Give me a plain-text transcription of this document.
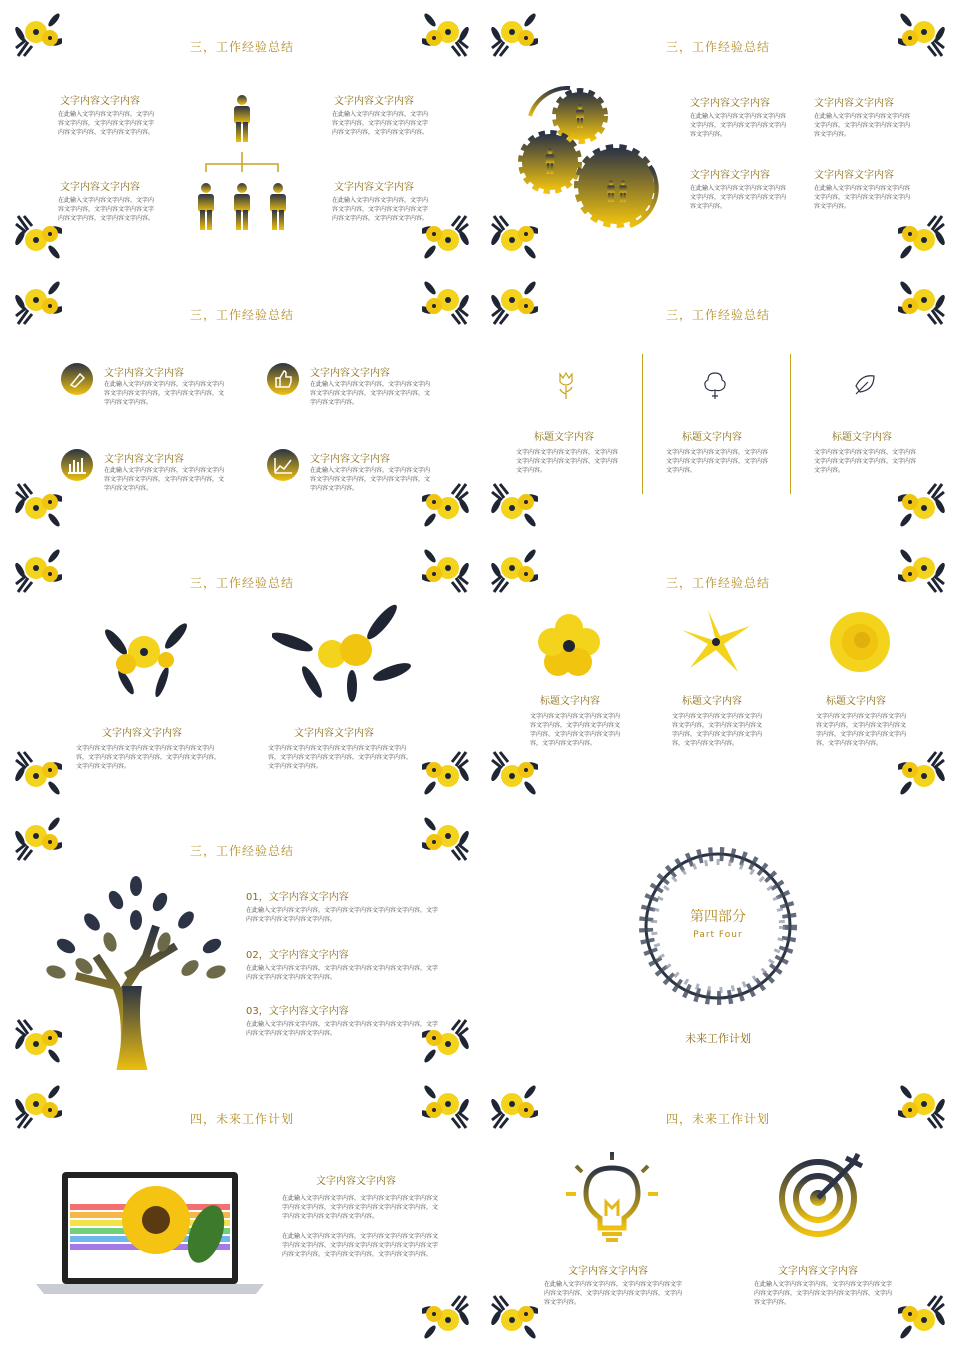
三，工作经验总结
文字内容文字内容
在此输入文字内容文字内容，文字内容文字内容，文字内容文字内容文字内容文字内容，文字内容文字内容。
文字内容文字内容
在此输入文字内容文字内容，文字内容文字内容，文字内容文字内容文字内容文字内容，文字内容文字内容。
文字内容文字内容
在此输入文字内容文字内容，文字内容文字内容，文字内容文字内容文字内容文字内容，文字内容文字内容。
文字内容文字内容
在此输入文字内容文字内容，文字内容文字内容，文字内容文字内容文字内容文字内容，文字内容文字内容。
三，工作经验总结
文字内容文字内容
在此输入文字内容文字内容文字内容文字内容，文字内容文字内容文字内容文字内容。
文字内容文字内容
在此输入文字内容文字内容文字内容文字内容，文字内容文字内容文字内容文字内容。
文字内容文字内容
在此输入文字内容文字内容文字内容文字内容，文字内容文字内容文字内容文字内容。
文字内容文字内容
在此输入文字内容文字内容文字内容文字内容，文字内容文字内容文字内容文字内容。
三，工作经验总结
文字内容文字内容
在此输入文字内容文字内容，文字内容文字内容文字内容文字内容，文字内容文字内容，文字内容文字内容。
文字内容文字内容
在此输入文字内容文字内容，文字内容文字内容文字内容文字内容，文字内容文字内容，文字内容文字内容。
文字内容文字内容
在此输入文字内容文字内容，文字内容文字内容文字内容文字内容，文字内容文字内容，文字内容文字内容。
文字内容文字内容
在此输入文字内容文字内容，文字内容文字内容文字内容文字内容，文字内容文字内容，文字内容文字内容。
三，工作经验总结
标题文字内容
文字内容文字内容文字内容，文字内容文字内容文字内容文字内容，文字内容文字内容。
标题文字内容
文字内容文字内容文字内容，文字内容文字内容文字内容文字内容，文字内容文字内容。
标题文字内容
文字内容文字内容文字内容，文字内容文字内容文字内容文字内容，文字内容文字内容。
三，工作经验总结
文字内容文字内容
文字内容文字内容文字内容文字内容文字内容文字内容，文字内容文字内容文字内容，文字内容文字内容，文字内容文字内容。
文字内容文字内容
文字内容文字内容文字内容文字内容文字内容文字内容，文字内容文字内容文字内容，文字内容文字内容，文字内容文字内容。
三，工作经验总结
标题文字内容
文字内容文字内容文字内容文字内容文字内容，文字内容文字内容文字内容，文字内容文字内容文字内容，文字内容文字内容。
标题文字内容
文字内容文字内容文字内容文字内容文字内容，文字内容文字内容文字内容，文字内容文字内容文字内容，文字内容文字内容。
标题文字内容
文字内容文字内容文字内容文字内容文字内容，文字内容文字内容文字内容，文字内容文字内容文字内容，文字内容文字内容。
三，工作经验总结
01，文字内容文字内容
在此输入文字内容文字内容，文字内容文字内容文字内容文字内容，文字内容文字内容文字内容文字内容。
02，文字内容文字内容
在此输入文字内容文字内容，文字内容文字内容文字内容文字内容，文字内容文字内容文字内容文字内容。
03，文字内容文字内容
在此输入文字内容文字内容，文字内容文字内容文字内容文字内容，文字内容文字内容文字内容文字内容。
第四部分
Part Four
未来工作计划
四，未来工作计划
文字内容文字内容
在此输入文字内容文字内容，文字内容文字内容文字内容文字内容文字内容，文字内容文字内容文字内容文字内容，文字内容文字内容文字内容文字内容。
在此输入文字内容文字内容，文字内容文字内容文字内容文字内容文字内容，文字内容文字内容文字内容文字内容文字内容文字内容，文字内容文字内容，文字内容文字内容。
四，未来工作计划
文字内容文字内容
在此输入文字内容文字内容，文字内容文字内容文字内容文字内容，文字内容文字内容文字内容，文字内容文字内容。
文字内容文字内容
在此输入文字内容文字内容，文字内容文字内容文字内容文字内容，文字内容文字内容文字内容，文字内容文字内容。
